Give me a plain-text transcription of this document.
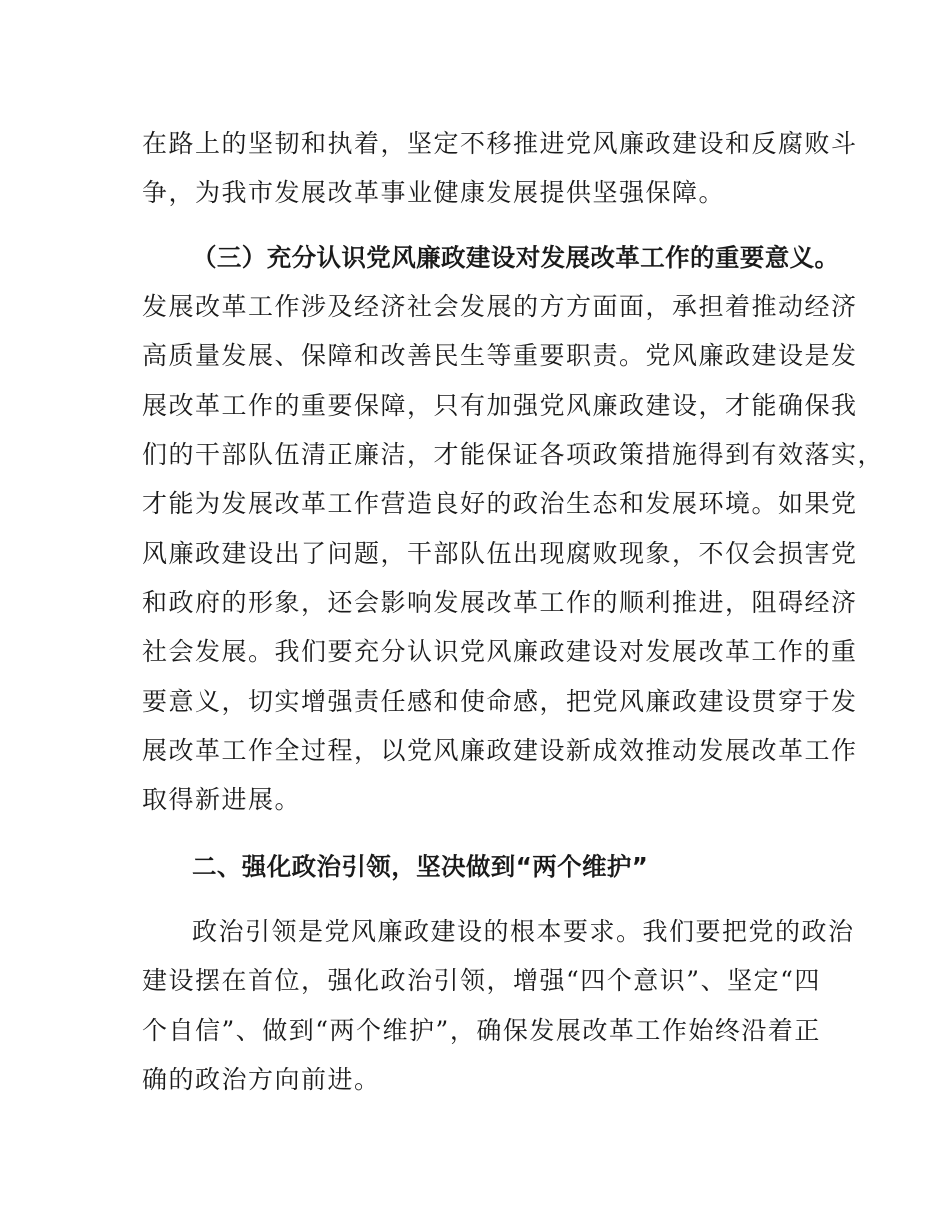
在路上的坚韧和执着，坚定不移推进党风廉政建设和反腐败斗
争，为我市发展改革事业健康发展提供坚强保障。
（三）充分认识党风廉政建设对发展改革工作的重要意义。
发展改革工作涉及经济社会发展的方方面面，承担着推动经济
高质量发展、保障和改善民生等重要职责。党风廉政建设是发
展改革工作的重要保障，只有加强党风廉政建设，才能确保我
们的干部队伍清正廉洁，才能保证各项政策措施得到有效落实，
才能为发展改革工作营造良好的政治生态和发展环境。如果党
风廉政建设出了问题，干部队伍出现腐败现象，不仅会损害党
和政府的形象，还会影响发展改革工作的顺利推进，阻碍经济
社会发展。我们要充分认识党风廉政建设对发展改革工作的重
要意义，切实增强责任感和使命感，把党风廉政建设贯穿于发
展改革工作全过程，以党风廉政建设新成效推动发展改革工作
取得新进展。
二、强化政治引领，坚决做到“两个维护”
政治引领是党风廉政建设的根本要求。我们要把党的政治
建设摆在首位，强化政治引领，增强“四个意识”、坚定“四
个自信”、做到“两个维护”，确保发展改革工作始终沿着正
确的政治方向前进。
